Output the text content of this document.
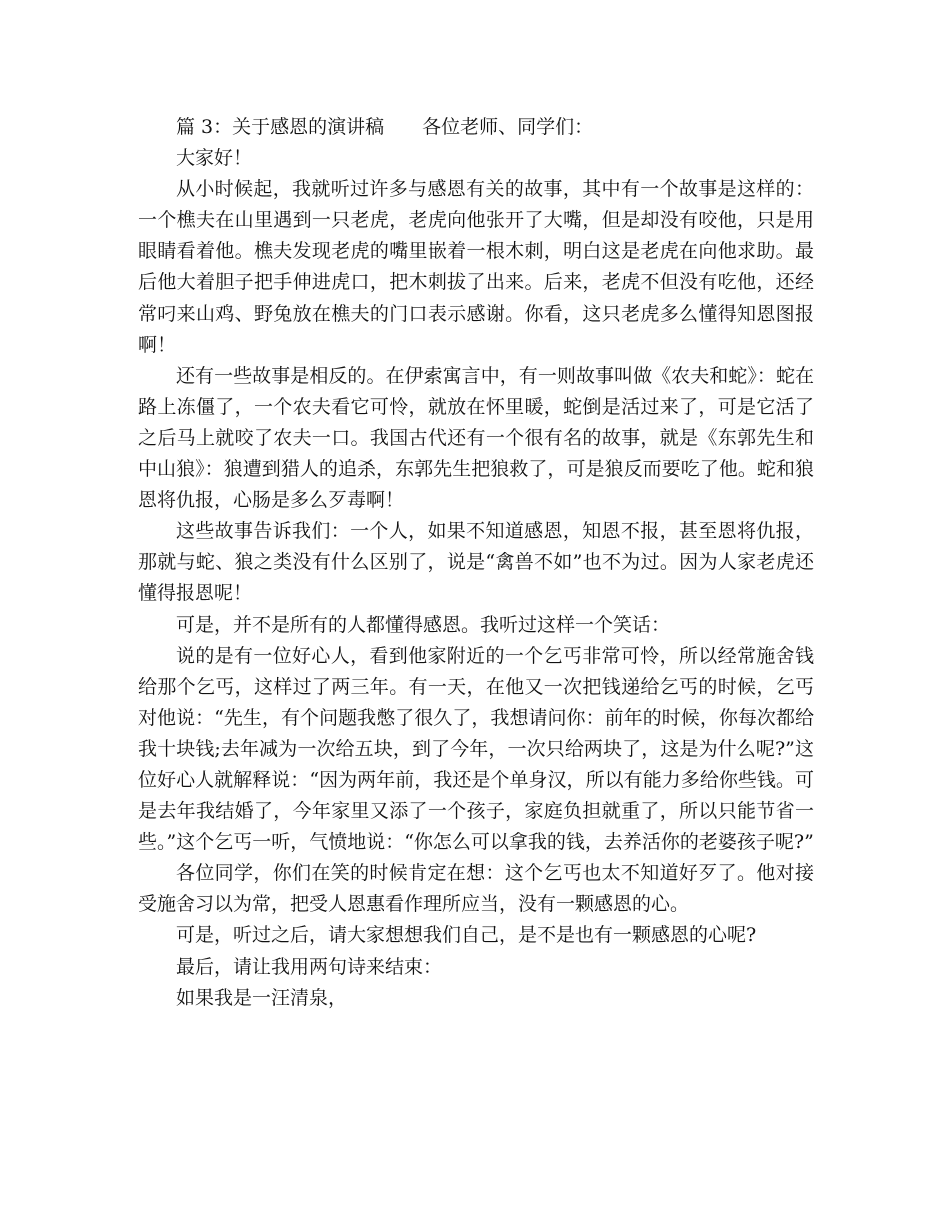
篇 3：关于感恩的演讲稿　　各位老师、同学们：

大家好！

从小时候起，我就听过许多与感恩有关的故事，其中有一个故事是这样的：一个樵夫在山里遇到一只老虎，老虎向他张开了大嘴，但是却没有咬他，只是用眼睛看着他。樵夫发现老虎的嘴里嵌着一根木刺，明白这是老虎在向他求助。最后他大着胆子把手伸进虎口，把木刺拔了出来。后来，老虎不但没有吃他，还经常叼来山鸡、野兔放在樵夫的门口表示感谢。你看，这只老虎多么懂得知恩图报啊！

还有一些故事是相反的。在伊索寓言中，有一则故事叫做《农夫和蛇》：蛇在路上冻僵了，一个农夫看它可怜，就放在怀里暖，蛇倒是活过来了，可是它活了之后马上就咬了农夫一口。我国古代还有一个很有名的故事，就是《东郭先生和中山狼》：狼遭到猎人的追杀，东郭先生把狼救了，可是狼反而要吃了他。蛇和狼恩将仇报，心肠是多么歹毒啊！

这些故事告诉我们：一个人，如果不知道感恩，知恩不报，甚至恩将仇报，那就与蛇、狼之类没有什么区别了，说是“禽兽不如”也不为过。因为人家老虎还懂得报恩呢！

可是，并不是所有的人都懂得感恩。我听过这样一个笑话：

说的是有一位好心人，看到他家附近的一个乞丐非常可怜，所以经常施舍钱给那个乞丐，这样过了两三年。有一天，在他又一次把钱递给乞丐的时候，乞丐对他说：“先生，有个问题我憋了很久了，我想请问你：前年的时候，你每次都给我十块钱;去年减为一次给五块，到了今年，一次只给两块了，这是为什么呢?”这位好心人就解释说：“因为两年前，我还是个单身汉，所以有能力多给你些钱。可是去年我结婚了，今年家里又添了一个孩子，家庭负担就重了，所以只能节省一些。”这个乞丐一听，气愤地说：“你怎么可以拿我的钱，去养活你的老婆孩子呢?”

各位同学，你们在笑的时候肯定在想：这个乞丐也太不知道好歹了。他对接受施舍习以为常，把受人恩惠看作理所应当，没有一颗感恩的心。

可是，听过之后，请大家想想我们自己，是不是也有一颗感恩的心呢?

最后，请让我用两句诗来结束：

如果我是一汪清泉，
